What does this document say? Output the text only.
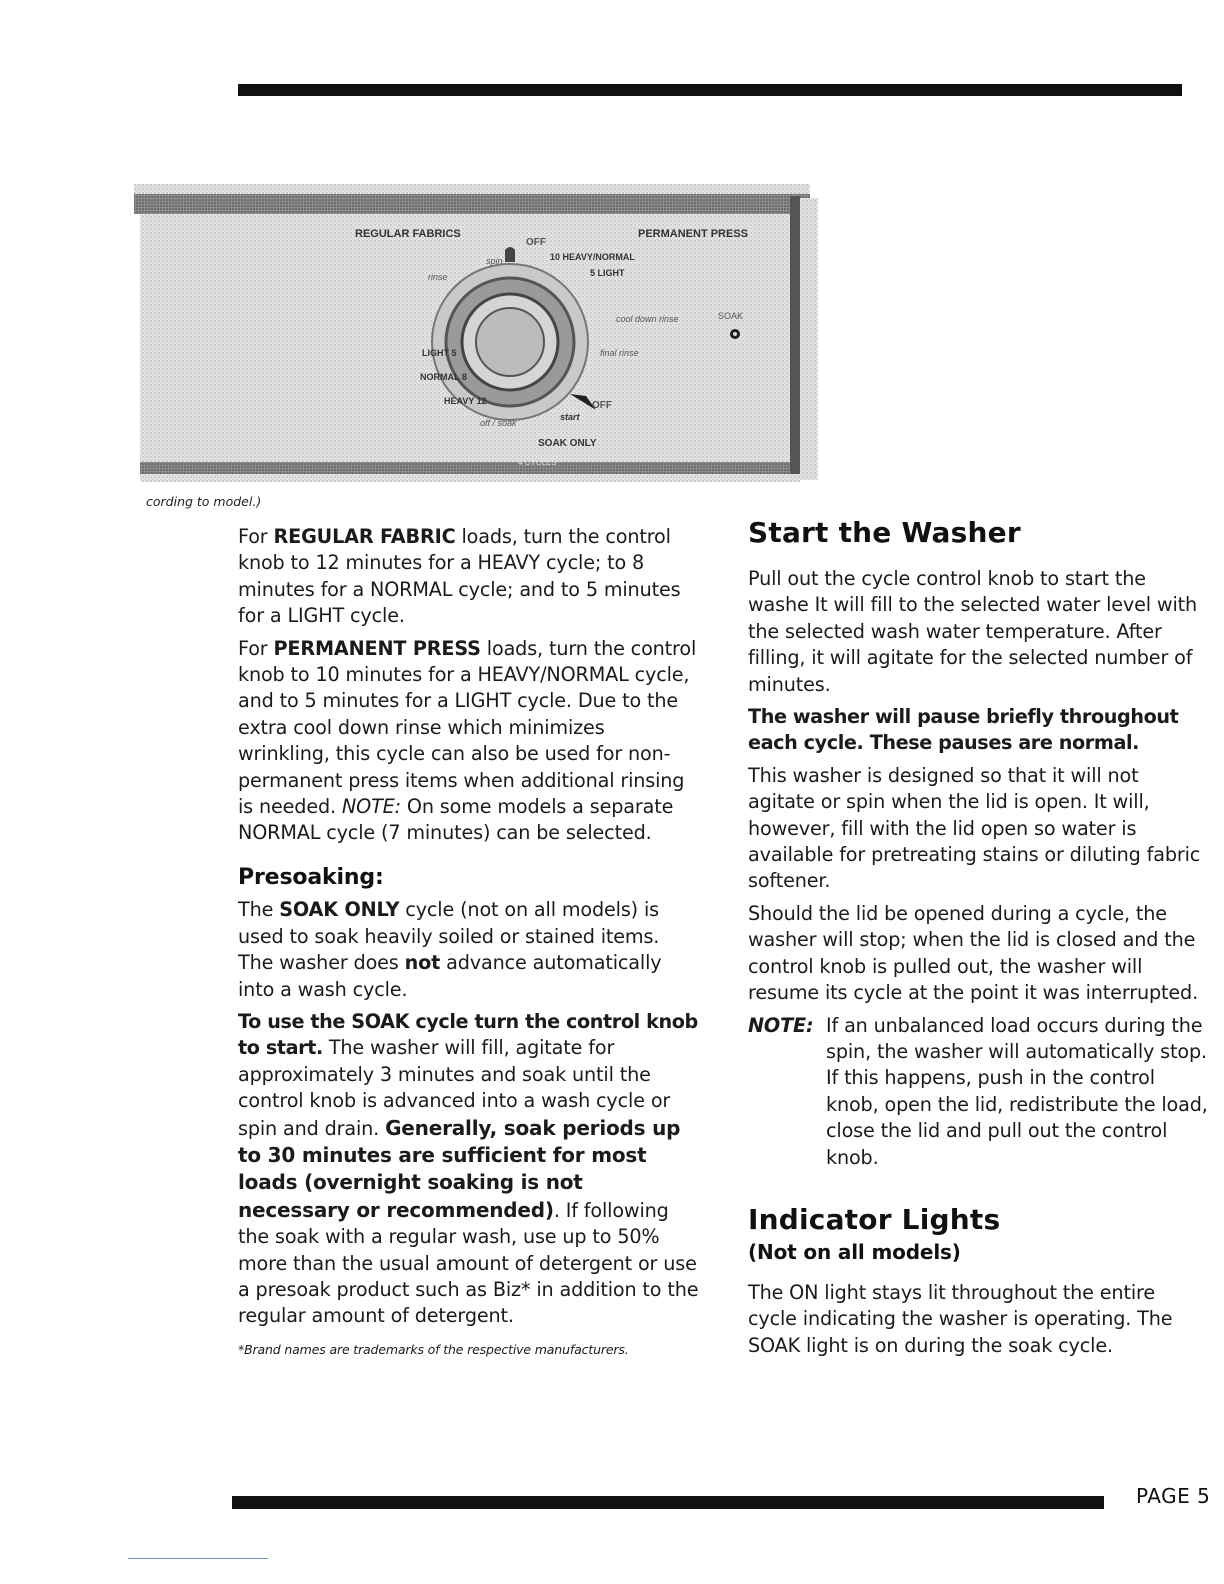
REGULAR FABRICS	PERMANENT PRESS
OFF
spin
rinse
10 HEAVY/NORMAL
5 LIGHT
cool down rinse
final rinse
SOAK
LIGHT 5
NORMAL 8
HEAVY 12	OFF
off / soak
start
SOAK ONLY
4 CYCLES
cording to model.)

For REGULAR FABRIC loads, turn the control knob to 12 minutes for a HEAVY cycle; to 8 minutes for a NORMAL cycle; and to 5 minutes for a LIGHT cycle.

For PERMANENT PRESS loads, turn the control knob to 10 minutes for a HEAVY/NORMAL cycle, and to 5 minutes for a LIGHT cycle. Due to the extra cool down rinse which minimizes wrinkling, this cycle can also be used for non-permanent press items when additional rinsing is needed. NOTE: On some models a separate NORMAL cycle (7 minutes) can be selected.

Presoaking:

The SOAK ONLY cycle (not on all models) is used to soak heavily soiled or stained items. The washer does not advance automatically into a wash cycle.

To use the SOAK cycle turn the control knob to start. The washer will fill, agitate for approximately 3 minutes and soak until the control knob is advanced into a wash cycle or spin and drain. Generally, soak periods up to 30 minutes are sufficient for most loads (overnight soaking is not necessary or recommended). If following the soak with a regular wash, use up to 50% more than the usual amount of detergent or use a presoak product such as Biz* in addition to the regular amount of detergent.

*Brand names are trademarks of the respective manufacturers.
Start the Washer

Pull out the cycle control knob to start the washe It will fill to the selected water level with the selected wash water temperature. After filling, it will agitate for the selected number of minutes.

The washer will pause briefly throughout each cycle. These pauses are normal.

This washer is designed so that it will not agitate or spin when the lid is open. It will, however, fill with the lid open so water is available for pretreating stains or diluting fabric softener.

Should the lid be opened during a cycle, the washer will stop; when the lid is closed and the control knob is pulled out, the washer will resume its cycle at the point it was interrupted.

NOTE: If an unbalanced load occurs during the spin, the washer will automatically stop. If this happens, push in the control knob, open the lid, redistribute the load, close the lid and pull out the control knob.
Indicator Lights
(Not on all models)

The ON light stays lit throughout the entire cycle indicating the washer is operating. The SOAK light is on during the soak cycle.

PAGE 5
